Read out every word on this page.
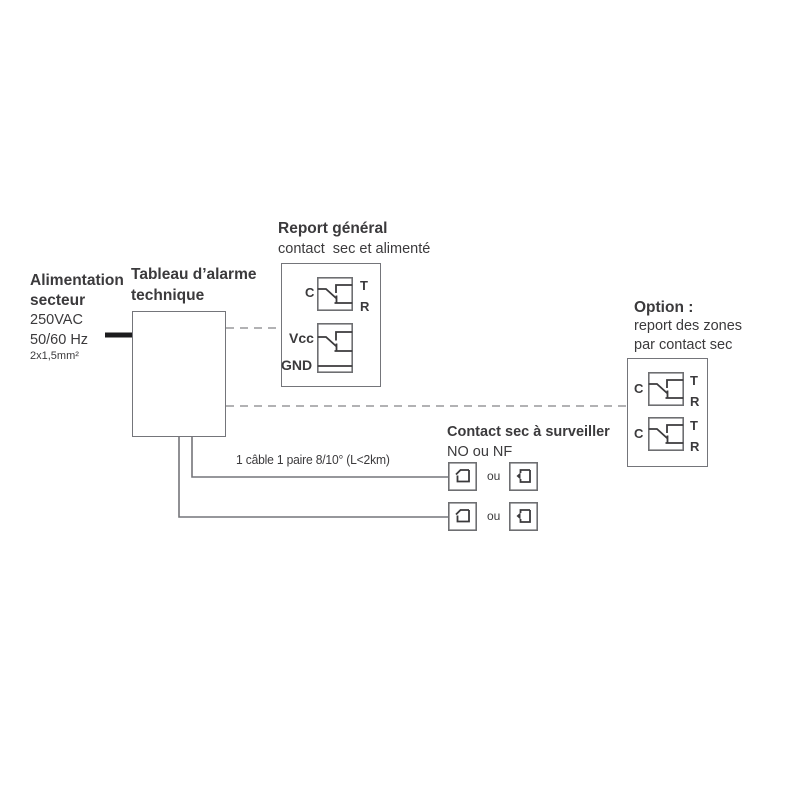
Alimentation
secteur
250VAC
50/60 Hz
2x1,5mm²
Tableau d’alarme
technique
Report général
contact  sec et alimenté
C	T
R
Vcc
GND
Option :
report des zones
par contact sec
C
T
R
C
T
R
Contact sec à surveiller
NO ou NF
1 câble 1 paire 8/10° (L<2km)
ou
ou
